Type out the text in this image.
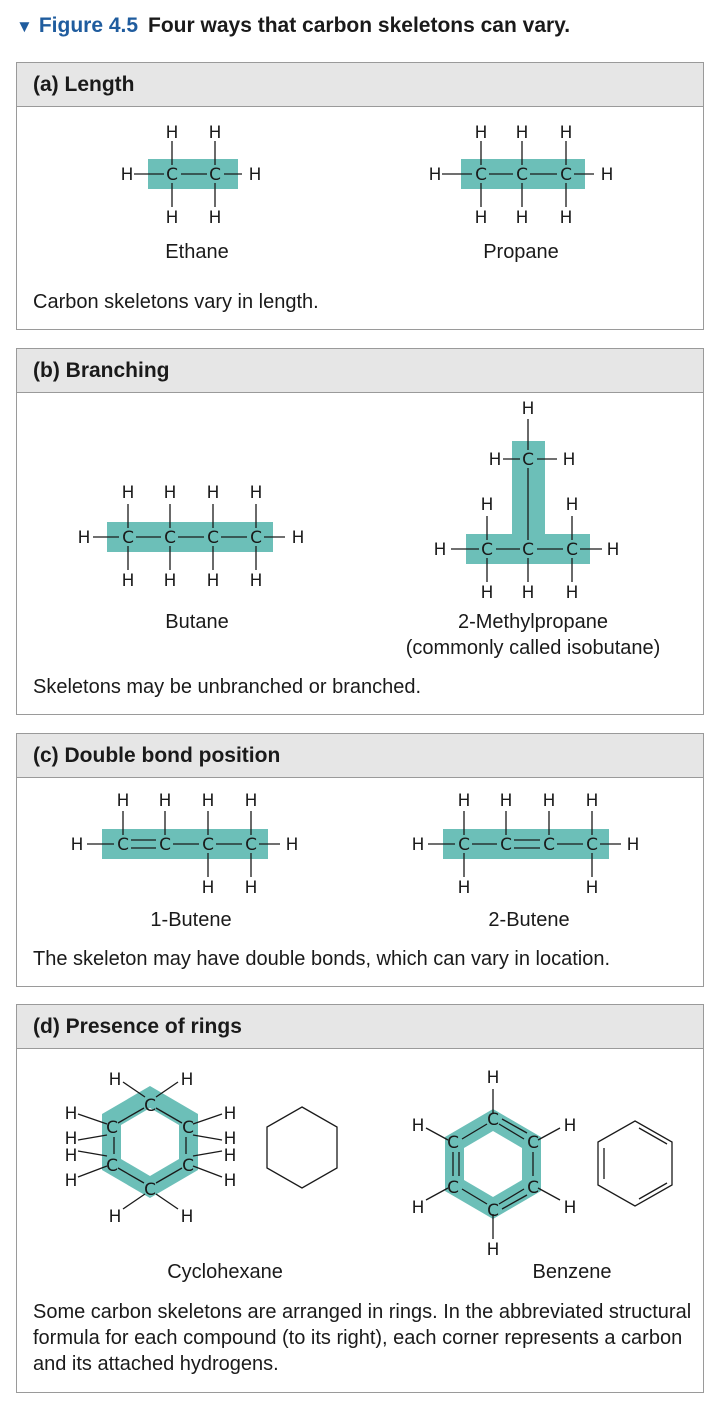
▼ Figure 4.5 Four ways that carbon skeletons can vary.
(a) Length
H C C H
H H
H H
H C C C H
H H H
H H H
Ethane	Propane
Carbon skeletons vary in length.
(b) Branching
H C C C C H
H H H H
H H H H
H
H C H
H	H
H C C C H
H H H
Butane	2-Methylpropane
(commonly called isobutane)
Skeletons may be unbranched or branched.
(c) Double bond position
H C C C C H
H H H H
H H
H C C C C H
H H H H
H	H
1-Butene	2-Butene
The skeleton may have double bonds, which can vary in location.
(d) Presence of rings
C
C
C
C
C
C
H	H
H
H
H
H
H
H
H
H
H
H	C
C
C
C
C
C
H
H
H
H
H
H
Cyclohexane	Benzene
Some carbon skeletons are arranged in rings. In the abbreviated structural formula for each compound (to its right), each corner represents a carbon and its attached hydrogens.
